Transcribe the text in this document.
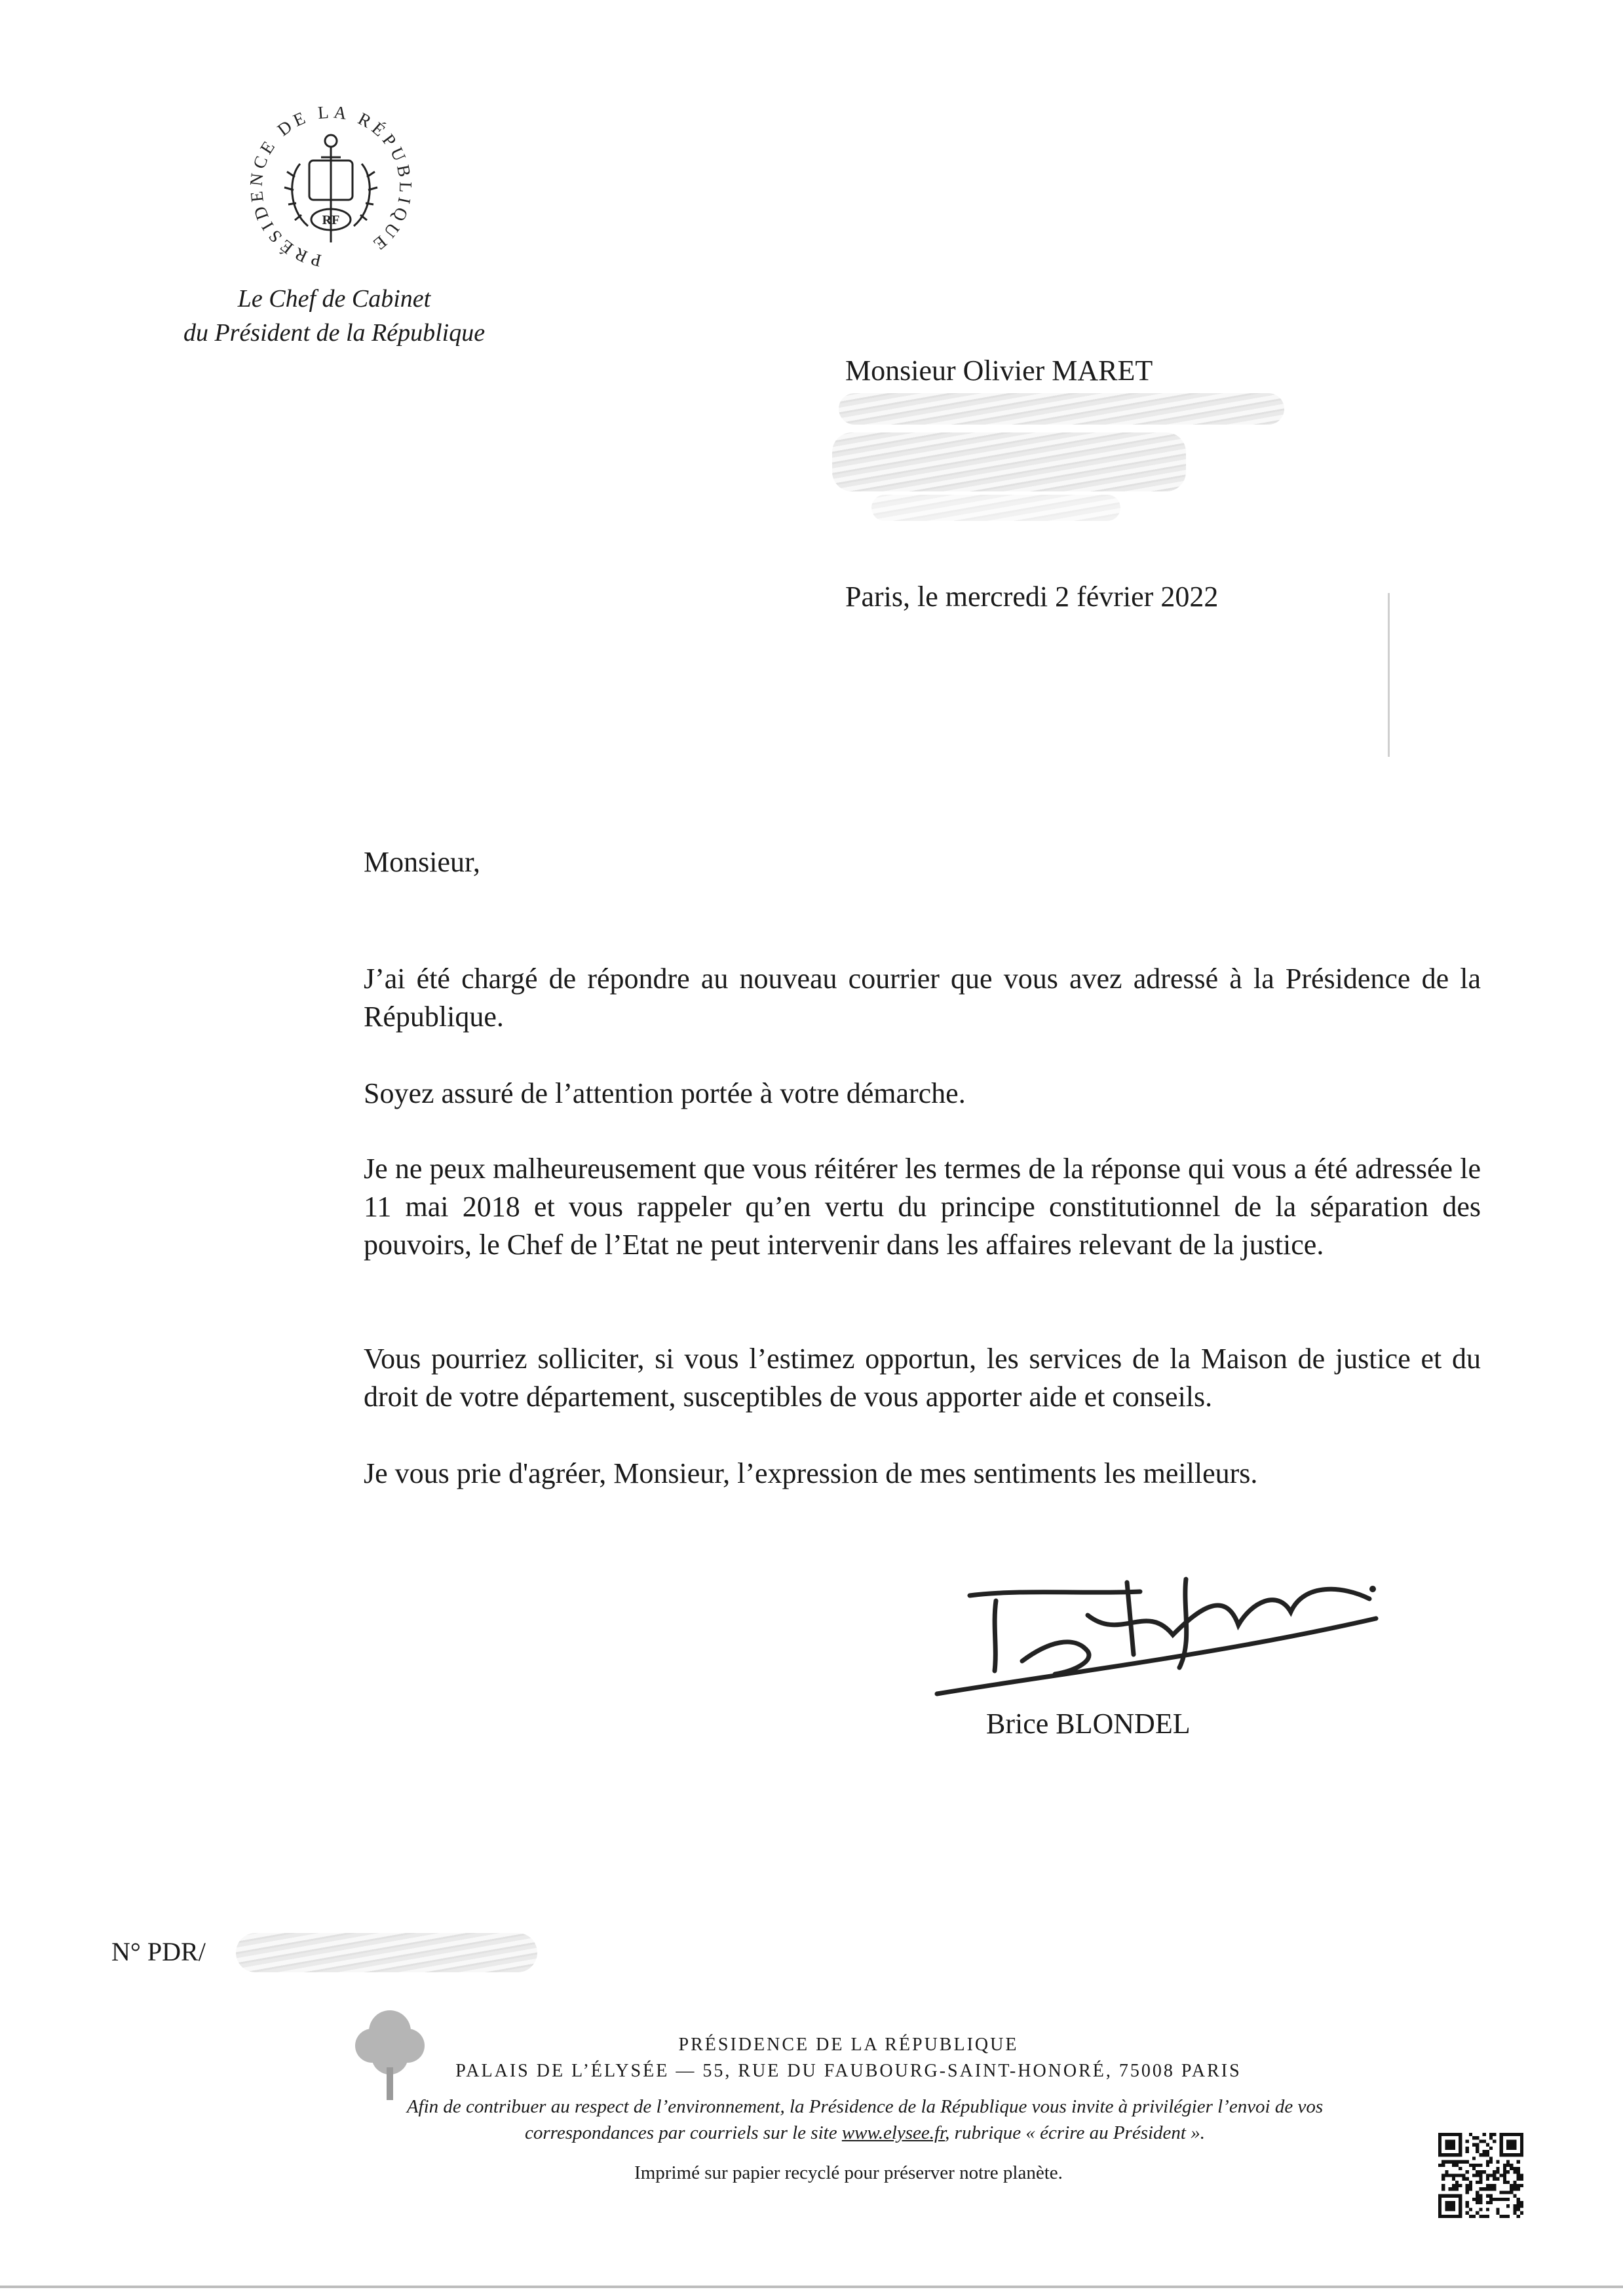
PRÉSIDENCE DE LA RÉPUBLIQUE
RF
Le Chef de Cabinet
du Président de la République
Monsieur Olivier MARET
Paris, le mercredi 2 février 2022
Monsieur,
J’ai été chargé de répondre au nouveau courrier que vous avez adressé à la Présidence de la République.
Soyez assuré de l’attention portée à votre démarche.
Je ne peux malheureusement que vous réitérer les termes de la réponse qui vous a été adressée le 11 mai 2018 et vous rappeler qu’en vertu du principe constitutionnel de la séparation des pouvoirs, le Chef de l’Etat ne peut intervenir dans les affaires relevant de la justice.
Vous pourriez solliciter, si vous l’estimez opportun, les services de la Maison de justice et du droit de votre département, susceptibles de vous apporter aide et conseils.
Je vous prie d'agréer, Monsieur, l’expression de mes sentiments les meilleurs.
Brice BLONDEL
N° PDR/
PRÉSIDENCE DE LA RÉPUBLIQUE
PALAIS DE L’ÉLYSÉE — 55, RUE DU FAUBOURG-SAINT-HONORÉ, 75008 PARIS
Afin de contribuer au respect de l’environnement, la Présidence de la République vous invite à privilégier l’envoi de vos correspondances par courriels sur le site www.elysee.fr, rubrique « écrire au Président ».
Imprimé sur papier recyclé pour préserver notre planète.
